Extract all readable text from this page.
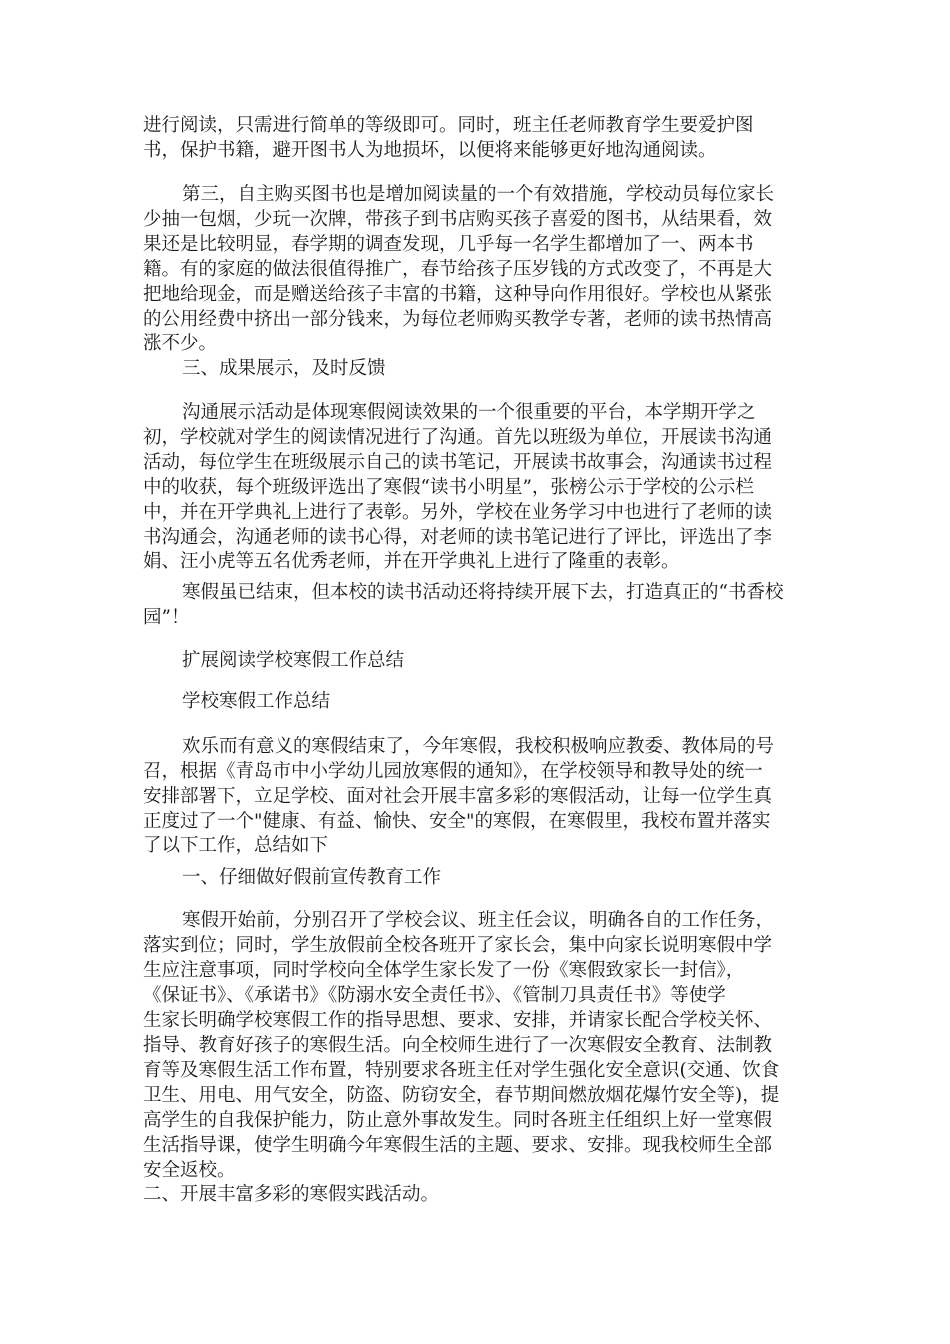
进行阅读，只需进行简单的等级即可。同时，班主任老师教育学生要爱护图

书，保护书籍，避开图书人为地损坏，以便将来能够更好地沟通阅读。

第三，自主购买图书也是增加阅读量的一个有效措施，学校动员每位家长

少抽一包烟，少玩一次牌，带孩子到书店购买孩子喜爱的图书，从结果看，效

果还是比较明显，春学期的调查发现，几乎每一名学生都增加了一、两本书

籍。有的家庭的做法很值得推广，春节给孩子压岁钱的方式改变了，不再是大

把地给现金，而是赠送给孩子丰富的书籍，这种导向作用很好。学校也从紧张

的公用经费中挤出一部分钱来，为每位老师购买教学专著，老师的读书热情高

涨不少。

三、成果展示，及时反馈

沟通展示活动是体现寒假阅读效果的一个很重要的平台，本学期开学之

初，学校就对学生的阅读情况进行了沟通。首先以班级为单位，开展读书沟通

活动，每位学生在班级展示自己的读书笔记，开展读书故事会，沟通读书过程

中的收获，每个班级评选出了寒假“读书小明星”，张榜公示于学校的公示栏

中，并在开学典礼上进行了表彰。另外，学校在业务学习中也进行了老师的读

书沟通会，沟通老师的读书心得，对老师的读书笔记进行了评比，评选出了李

娟、汪小虎等五名优秀老师，并在开学典礼上进行了隆重的表彰。

寒假虽已结束，但本校的读书活动还将持续开展下去，打造真正的“书香校

园”！

扩展阅读学校寒假工作总结

学校寒假工作总结

欢乐而有意义的寒假结束了，今年寒假，我校积极响应教委、教体局的号

召，根据《青岛市中小学幼儿园放寒假的通知》，在学校领导和教导处的统一

安排部署下，立足学校、面对社会开展丰富多彩的寒假活动，让每一位学生真

正度过了一个"健康、有益、愉快、安全"的寒假，在寒假里，我校布置并落实

了以下工作，总结如下

一、仔细做好假前宣传教育工作

寒假开始前，分别召开了学校会议、班主任会议，明确各自的工作任务，

落实到位；同时，学生放假前全校各班开了家长会，集中向家长说明寒假中学

生应注意事项，同时学校向全体学生家长发了一份《寒假致家长一封信》，

《保证书》、《承诺书》《防溺水安全责任书》、《管制刀具责任书》等使学

生家长明确学校寒假工作的指导思想、要求、安排，并请家长配合学校关怀、

指导、教育好孩子的寒假生活。向全校师生进行了一次寒假安全教育、法制教

育等及寒假生活工作布置，特别要求各班主任对学生强化安全意识(交通、饮食

卫生、用电、用气安全，防盗、防窃安全，春节期间燃放烟花爆竹安全等)，提

高学生的自我保护能力，防止意外事故发生。同时各班主任组织上好一堂寒假

生活指导课，使学生明确今年寒假生活的主题、要求、安排。现我校师生全部

安全返校。

二、开展丰富多彩的寒假实践活动。
